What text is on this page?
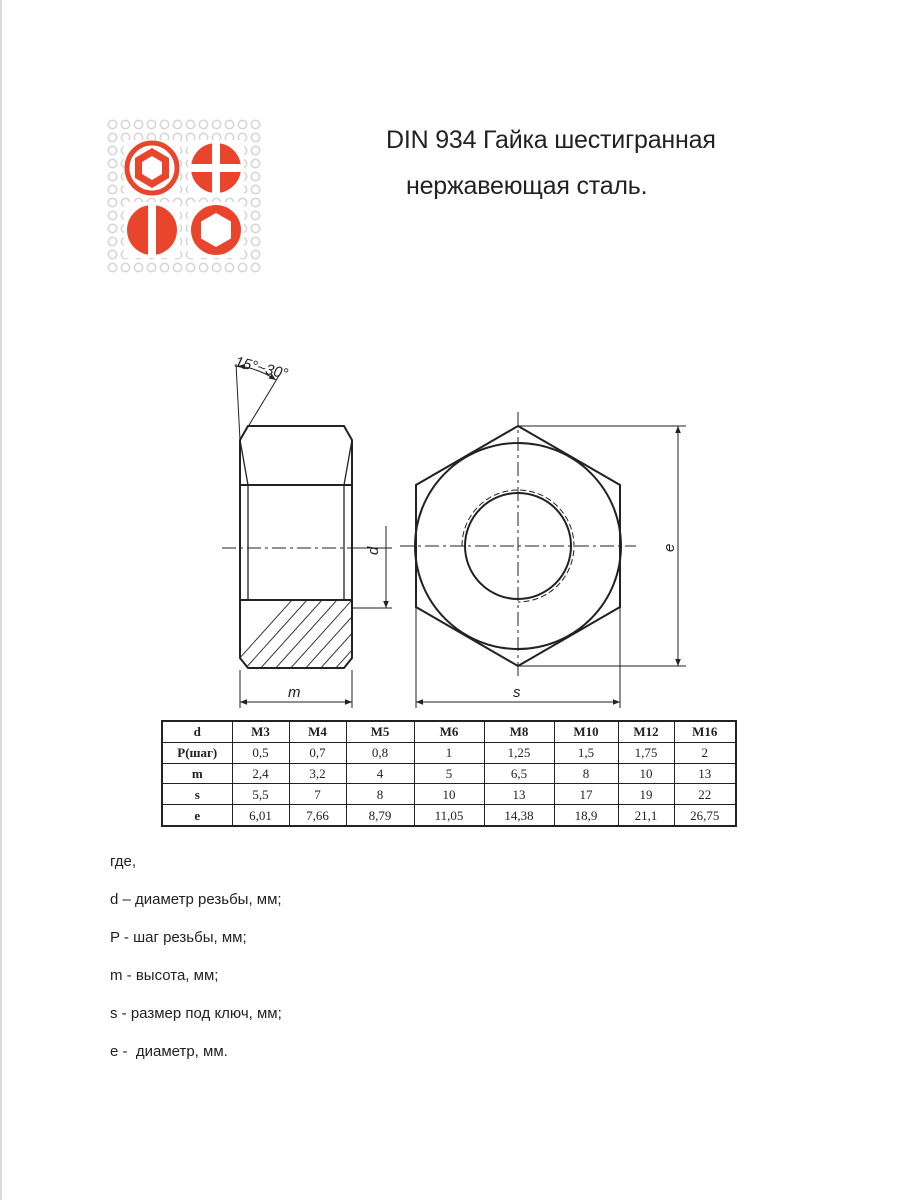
DIN 934 Гайка шестигранная
нержавеющая сталь.
15°~30°
m
d
s
e
d	M3	M4	M5	M6	M8	M10	M12	M16
P(шаг)	0,5	0,7	0,8	1	1,25	1,5	1,75	2
m	2,4	3,2	4	5	6,5	8	10	13
s	5,5	7	8	10	13	17	19	22
e	6,01	7,66	8,79	11,05	14,38	18,9	21,1	26,75

где,

d – диаметр резьбы, мм;

P - шаг резьбы, мм;

m - высота, мм;

s - размер под ключ, мм;

e -  диаметр, мм.
